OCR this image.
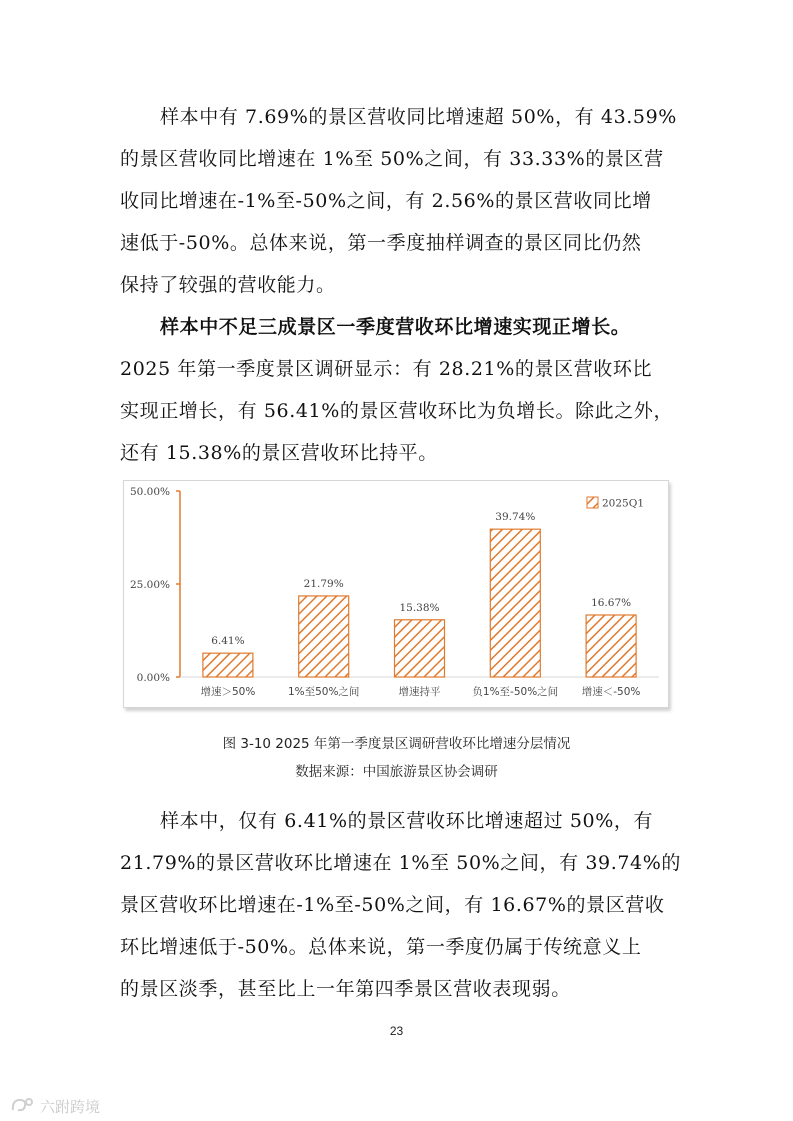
样本中有 7.69%的景区营收同比增速超 50%，有 43.59%
的景区营收同比增速在 1%至 50%之间，有 33.33%的景区营
收同比增速在-1%至-50%之间，有 2.56%的景区营收同比增
速低于-50%。总体来说，第一季度抽样调查的景区同比仍然
保持了较强的营收能力。
样本中不足三成景区一季度营收环比增速实现正增长。
2025 年第一季度景区调研显示：有 28.21%的景区营收环比
实现正增长，有 56.41%的景区营收环比为负增长。除此之外，
还有 15.38%的景区营收环比持平。
0.00%
25.00%
50.00%
6.41%
增速＞50%
21.79%
1%至50%之间
15.38%
增速持平
39.74%
负1%至-50%之间
16.67%
增速＜-50%
2025Q1
图 3-10 2025 年第一季度景区调研营收环比增速分层情况
数据来源：中国旅游景区协会调研
样本中，仅有 6.41%的景区营收环比增速超过 50%，有
21.79%的景区营收环比增速在 1%至 50%之间，有 39.74%的
景区营收环比增速在-1%至-50%之间，有 16.67%的景区营收
环比增速低于-50%。总体来说，第一季度仍属于传统意义上
的景区淡季，甚至比上一年第四季景区营收表现弱。
23
六跗跨境
